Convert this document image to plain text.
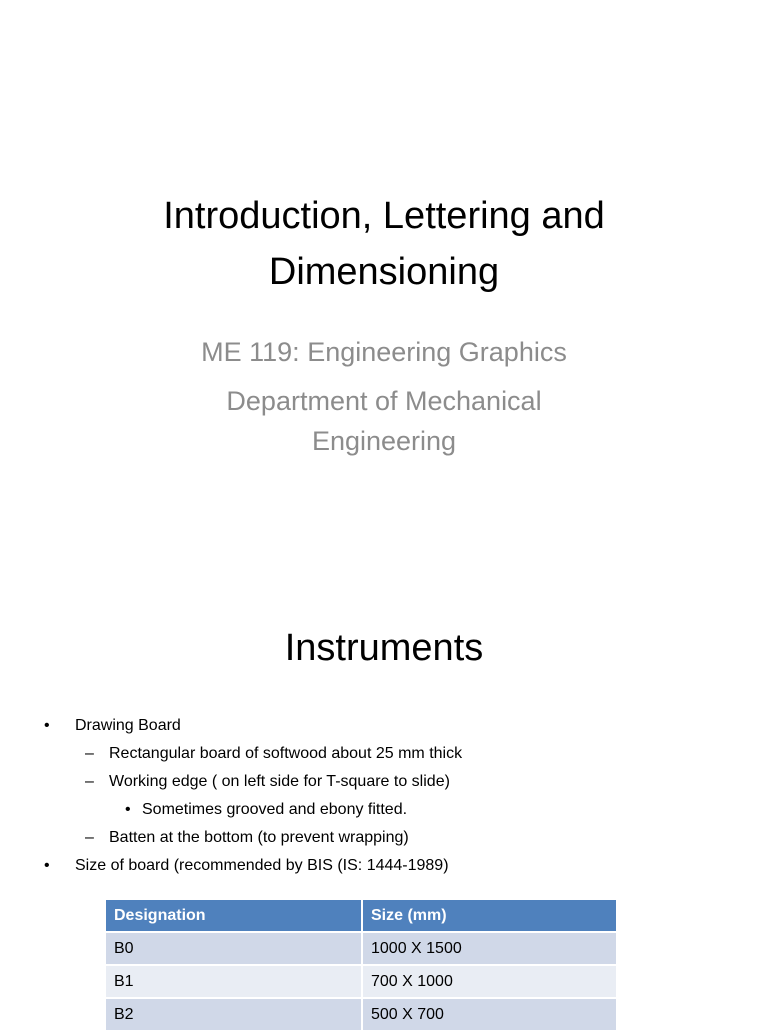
Introduction, Lettering and
Dimensioning
ME 119: Engineering Graphics
Department of Mechanical
Engineering
Instruments
• Drawing Board
– Rectangular board of softwood about 25 mm thick
– Working edge ( on left side for T-square to slide)
• Sometimes grooved and ebony fitted.
– Batten at the bottom (to prevent wrapping)
• Size of board (recommended by BIS (IS: 1444-1989)
Designation	Size (mm)
B0	1000 X 1500
B1	700 X 1000
B2	500 X 700
